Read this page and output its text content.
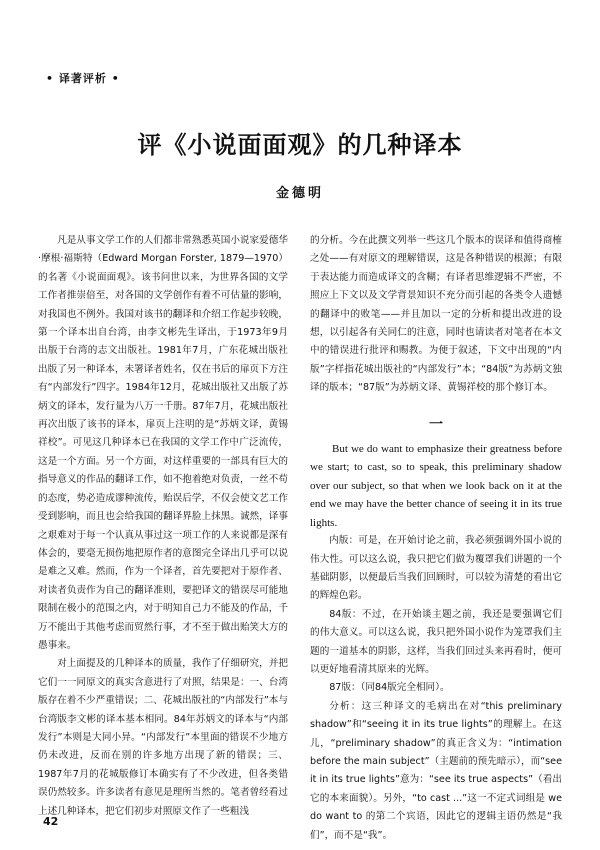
• 译著评析 •
评《小说面面观》的几种译本
金德明

凡是从事文学工作的人们都非常熟悉英国小说家爱德华·摩根·福斯特（Edward Morgan Forster, 1879—1970）的名著《小说面面观》。该书问世以来，为世界各国的文学工作者推崇倍至，对各国的文学创作有着不可估量的影响，对我国也不例外。我国对该书的翻译和介绍工作起步较晚，第一个译本出自台湾，由李文彬先生译出，于1973年9月出版于台湾的志文出版社。1981年7月，广东花城出版社出版了另一种译本，未署译者姓名，仅在书后的扉页下方注有“内部发行”四字。1984年12月，花城出版社又出版了苏炳文的译本，发行量为八万一千册。87年7月，花城出版社再次出版了该书的译本，扉页上注明的是“苏炳文译，黄锡祥校”。可见这几种译本已在我国的文学工作中广泛流传，这是一个方面。另一个方面，对这样重要的一部具有巨大的指导意义的作品的翻译工作，如不抱着绝对负责，一丝不苟的态度，势必造成谬种流传，贻误后学，不仅会使文艺工作受到影响，而且也会给我国的翻译界脸上抹黑。诚然，译事之艰难对于每一个认真从事过这一项工作的人来说都是深有体会的，要毫无损伤地把原作者的意图完全译出几乎可以说是难之又难。然而，作为一个译者，首先要把对于原作者、对读者负责作为自己的翻译准则，要把译文的错误尽可能地限制在极小的范围之内，对于明知自己力不能及的作品，千万不能出于其他考虑而贸然行事，才不至于做出贻笑大方的愚事来。

对上面提及的几种译本的质量，我作了仔细研究，并把它们一一同原文的真实含意进行了对照，结果是：一、台湾版存在着不少严重错误；二、花城出版社的“内部发行”本与台湾版李文彬的译本基本相同。84年苏炳文的译本与“内部发行”本则是大同小异。“内部发行”本里面的错误不少地方仍未改进，反而在别的许多地方出现了新的错误；三、1987年7月的花城版修订本确实有了不少改进，但各类错误仍然较多。许多读者有意见是理所当然的。笔者曾经看过上述几种译本，把它们初步对照原文作了一些粗浅

的分析。今在此撰文列举一些这几个版本的误译和值得商榷之处——有对原文的理解错误，这是各种错误的根源；有限于表达能力而造成译文的含糊；有译者思维逻辑不严密，不照应上下文以及文学背景知识不充分而引起的各类令人遗憾的翻译中的败笔——并且加以一定的分析和提出改进的设想，以引起各有关同仁的注意，同时也请读者对笔者在本文中的错误进行批评和赐教。为便于叙述，下文中出现的“内版”字样指花城出版社的“内部发行”本；“84版”为苏炳文独译的版本；“87版”为苏炳文译、黄锡祥校的那个修订本。

一

But we do want to emphasize their greatness before we start; to cast, so to speak, this preliminary shadow over our subject, so that when we look back on it at the end we may have the better chance of seeing it in its true lights.

内版：可是，在开始讨论之前，我必须强调外国小说的伟大性。可以这么说，我只把它们做为覆罩我们讲题的一个基础阴影，以便最后当我们回顾时，可以较为清楚的看出它的辉煌色彩。

84版：不过，在开始谈主题之前，我还是要强调它们的伟大意义。可以这么说，我只把外国小说作为笼罩我们主题的一道基本的阴影，这样，当我们回过头来再看时，便可以更好地看清其原来的光辉。

87版：（同84版完全相同）。

分析：这三种译文的毛病出在对“this preliminary shadow”和“seeing it in its true lights”的理解上。在这儿，“preliminary shadow”的真正含义为：“intimation before the main subject”（主题前的预先暗示），而“see it in its true lights”意为：“see its true aspects”（看出它的本来面貌）。另外，“to cast ...”这一不定式词组是 we do want to 的第二个宾语，因此它的逻辑主语仍然是“我们”，而不是“我”。

42
